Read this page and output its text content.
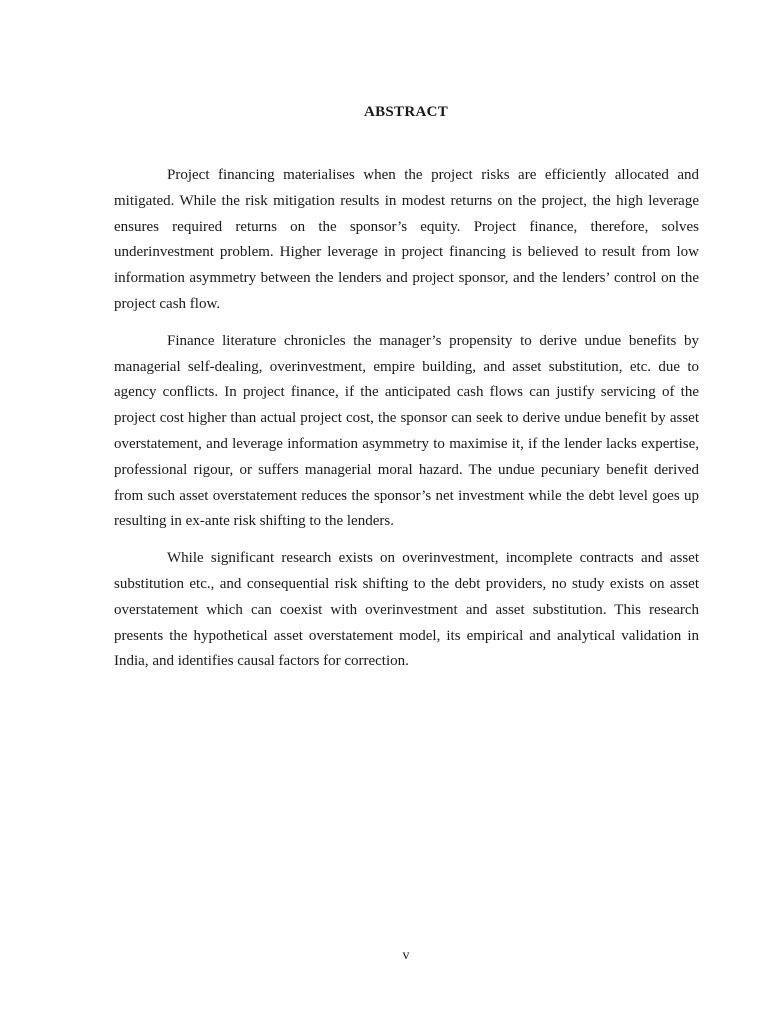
ABSTRACT

Project financing materialises when the project risks are efficiently allocated and mitigated. While the risk mitigation results in modest returns on the project, the high leverage ensures required returns on the sponsor’s equity. Project finance, therefore, solves underinvestment problem. Higher leverage in project financing is believed to result from low information asymmetry between the lenders and project sponsor, and the lenders’ control on the project cash flow.

Finance literature chronicles the manager’s propensity to derive undue benefits by managerial self-dealing, overinvestment, empire building, and asset substitution, etc. due to agency conflicts. In project finance, if the anticipated cash flows can justify servicing of the project cost higher than actual project cost, the sponsor can seek to derive undue benefit by asset overstatement, and leverage information asymmetry to maximise it, if the lender lacks expertise, professional rigour, or suffers managerial moral hazard. The undue pecuniary benefit derived from such asset overstatement reduces the sponsor’s net investment while the debt level goes up resulting in ex-ante risk shifting to the lenders.

While significant research exists on overinvestment, incomplete contracts and asset substitution etc., and consequential risk shifting to the debt providers, no study exists on asset overstatement which can coexist with overinvestment and asset substitution. This research presents the hypothetical asset overstatement model, its empirical and analytical validation in India, and identifies causal factors for correction.

v
